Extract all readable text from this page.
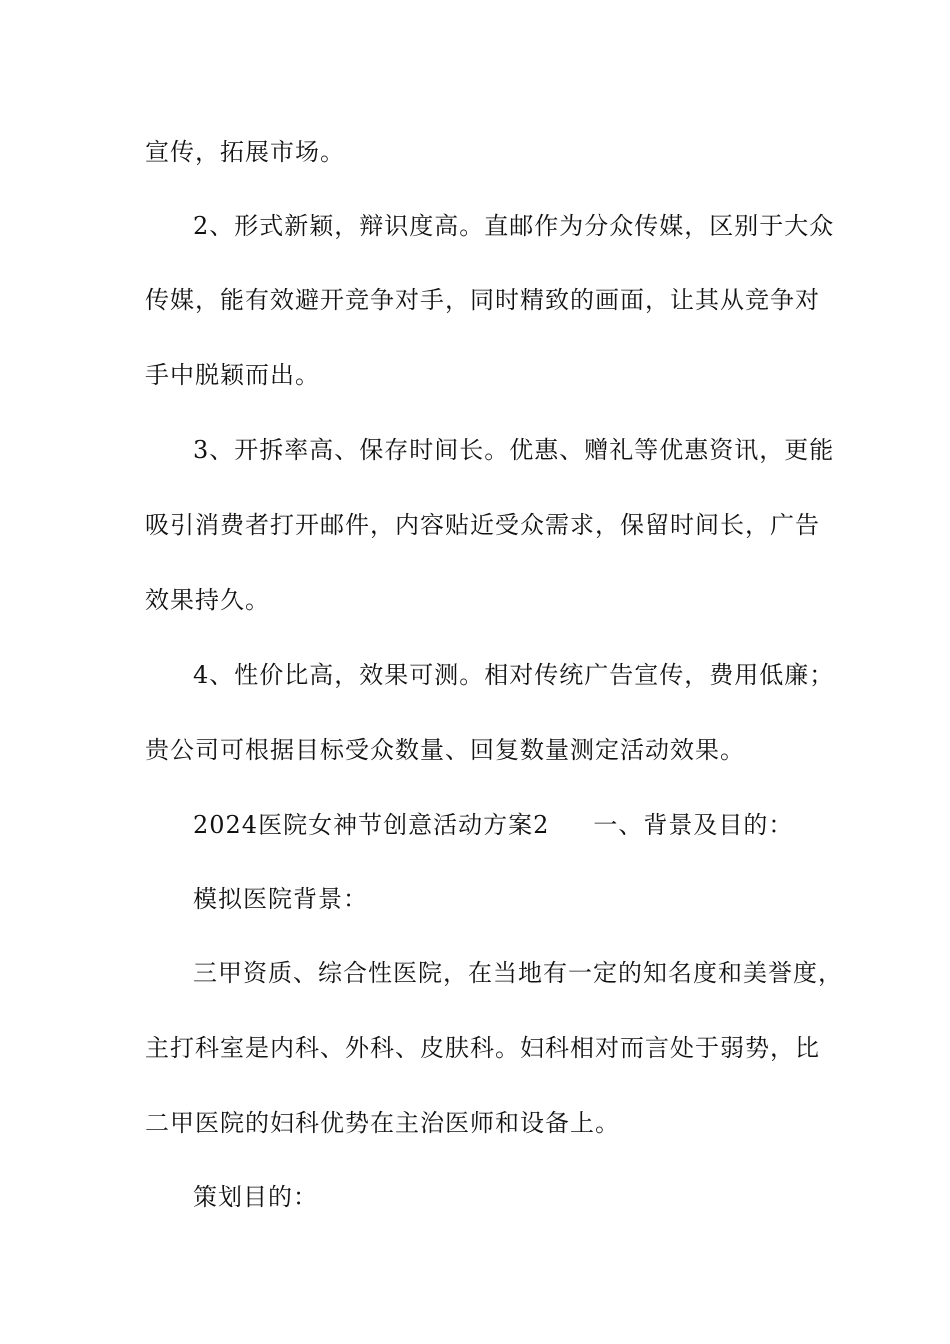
宣传，拓展市场。
2、形式新颖，辩识度高。直邮作为分众传媒，区别于大众
传媒，能有效避开竞争对手，同时精致的画面，让其从竞争对
手中脱颖而出。
3、开拆率高、保存时间长。优惠、赠礼等优惠资讯，更能
吸引消费者打开邮件，内容贴近受众需求，保留时间长，广告
效果持久。
4、性价比高，效果可测。相对传统广告宣传，费用低廉；
贵公司可根据目标受众数量、回复数量测定活动效果。
2024医院女神节创意活动方案2 一、背景及目的：
模拟医院背景：
三甲资质、综合性医院，在当地有一定的知名度和美誉度，
主打科室是内科、外科、皮肤科。妇科相对而言处于弱势，比
二甲医院的妇科优势在主治医师和设备上。
策划目的：
